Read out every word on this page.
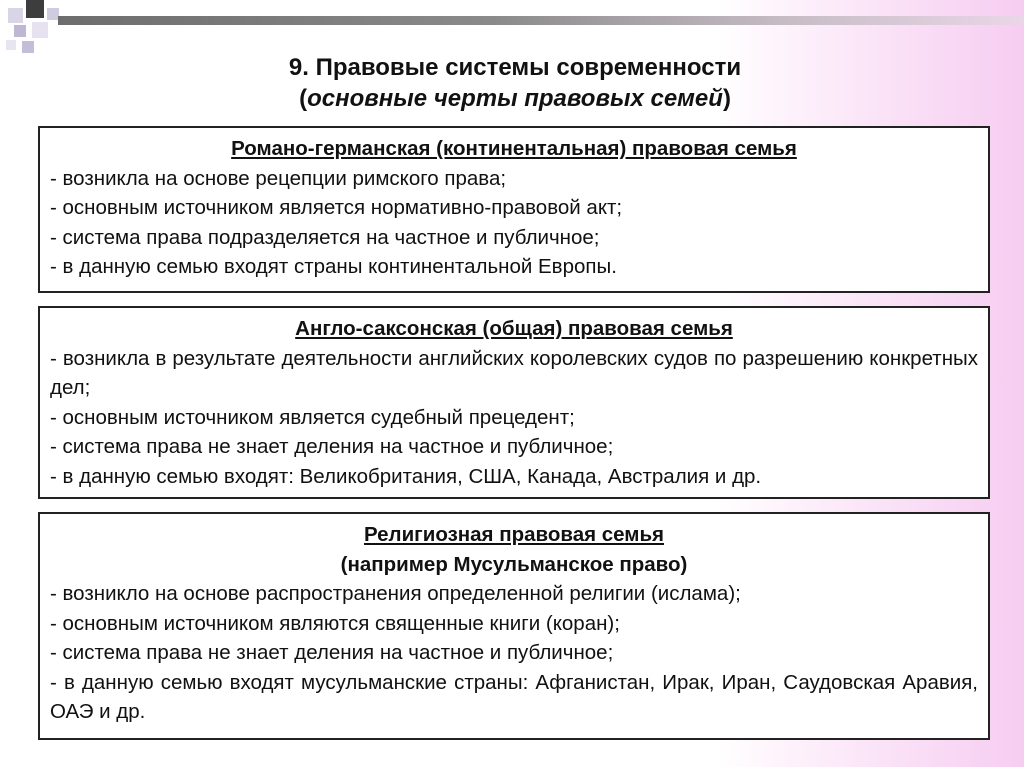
9. Правовые системы современности
(основные черты правовых семей)
Романо-германская (континентальная) правовая семья
- возникла на основе рецепции римского права;
- основным источником является нормативно-правовой акт;
- система права подразделяется на частное и публичное;
- в данную семью входят страны континентальной Европы.
Англо-саксонская (общая) правовая семья
- возникла в результате деятельности английских королевских судов по разрешению конкретных дел;
- основным источником является судебный прецедент;
- система права не знает деления на частное и публичное;
- в данную семью входят: Великобритания, США, Канада, Австралия и др.
Религиозная правовая семья
(например Мусульманское право)
- возникло на основе распространения определенной религии (ислама);
- основным источником являются священные книги (коран);
- система права не знает деления на частное и публичное;
- в данную семью входят мусульманские страны: Афганистан, Ирак, Иран, Саудовская Аравия, ОАЭ и др.
